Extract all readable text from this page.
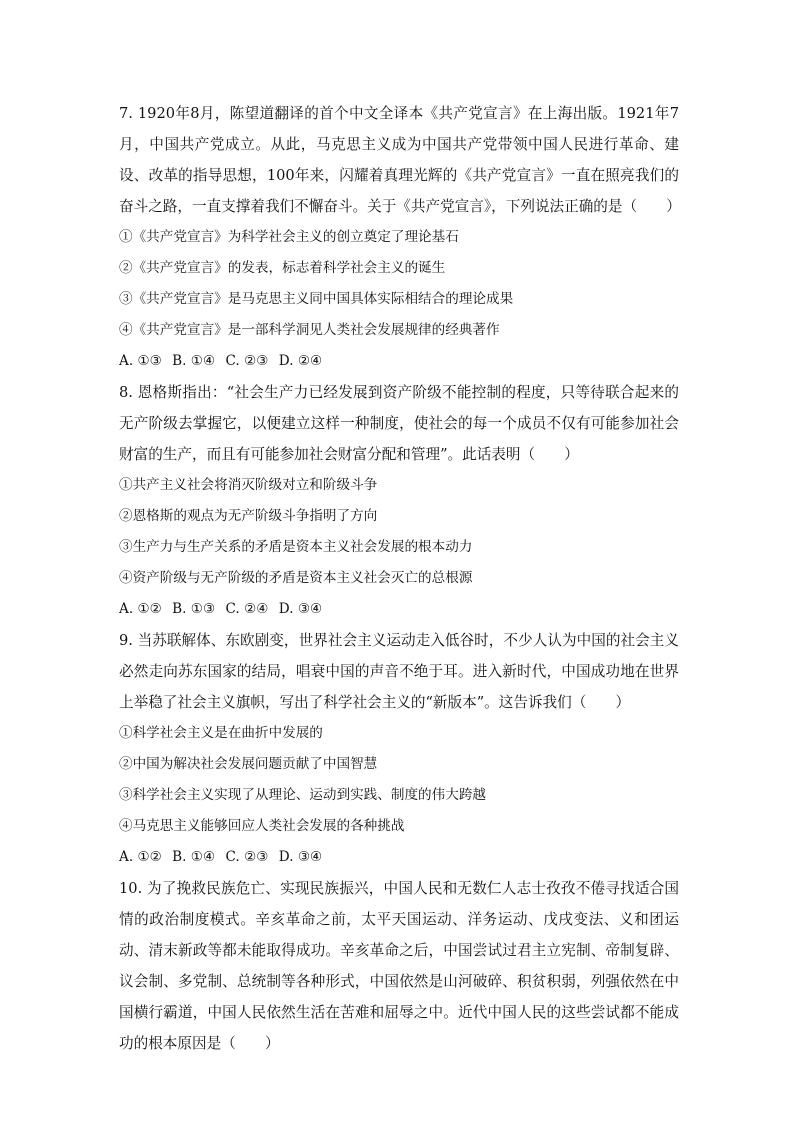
7. 1920年8月，陈望道翻译的首个中文全译本《共产党宣言》在上海出版。1921年7月，中国共产党成立。从此，马克思主义成为中国共产党带领中国人民进行革命、建设、改革的指导思想，100年来，闪耀着真理光辉的《共产党宣言》一直在照亮我们的奋斗之路，一直支撑着我们不懈奋斗。关于《共产党宣言》，下列说法正确的是（　　）

①《共产党宣言》为科学社会主义的创立奠定了理论基石

②《共产党宣言》的发表，标志着科学社会主义的诞生

③《共产党宣言》是马克思主义同中国具体实际相结合的理论成果

④《共产党宣言》是一部科学洞见人类社会发展规律的经典著作

A. ①③ B. ①④ C. ②③ D. ②④

8. 恩格斯指出：“社会生产力已经发展到资产阶级不能控制的程度，只等待联合起来的无产阶级去掌握它，以便建立这样一种制度，使社会的每一个成员不仅有可能参加社会财富的生产，而且有可能参加社会财富分配和管理”。此话表明（　　）

①共产主义社会将消灭阶级对立和阶级斗争

②恩格斯的观点为无产阶级斗争指明了方向

③生产力与生产关系的矛盾是资本主义社会发展的根本动力

④资产阶级与无产阶级的矛盾是资本主义社会灭亡的总根源

A. ①② B. ①③ C. ②④ D. ③④

9. 当苏联解体、东欧剧变，世界社会主义运动走入低谷时，不少人认为中国的社会主义必然走向苏东国家的结局，唱衰中国的声音不绝于耳。进入新时代，中国成功地在世界上举稳了社会主义旗帜，写出了科学社会主义的“新版本”。这告诉我们（　　）

①科学社会主义是在曲折中发展的

②中国为解决社会发展问题贡献了中国智慧

③科学社会主义实现了从理论、运动到实践、制度的伟大跨越

④马克思主义能够回应人类社会发展的各种挑战

A. ①② B. ①④ C. ②③ D. ③④

10. 为了挽救民族危亡、实现民族振兴，中国人民和无数仁人志士孜孜不倦寻找适合国情的政治制度模式。辛亥革命之前，太平天国运动、洋务运动、戊戌变法、义和团运动、清末新政等都未能取得成功。辛亥革命之后，中国尝试过君主立宪制、帝制复辟、议会制、多党制、总统制等各种形式，中国依然是山河破碎、积贫积弱，列强依然在中国横行霸道，中国人民依然生活在苦难和屈辱之中。近代中国人民的这些尝试都不能成功的根本原因是（　　）
